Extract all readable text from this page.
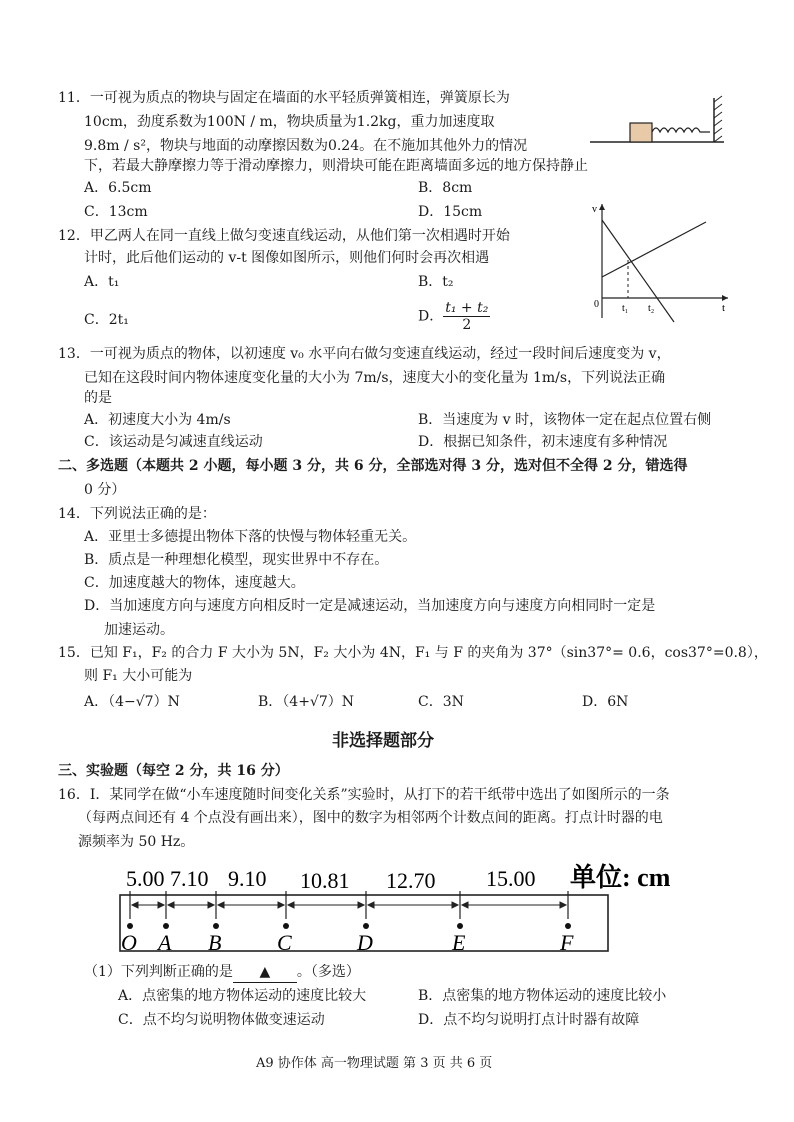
11．一可视为质点的物块与固定在墙面的水平轻质弹簧相连，弹簧原长为
10cm，劲度系数为100N / m，物块质量为1.2kg，重力加速度取
9.8m / s²，物块与地面的动摩擦因数为0.24。在不施加其他外力的情况
下，若最大静摩擦力等于滑动摩擦力，则滑块可能在距离墙面多远的地方保持静止
A．6.5cm	B．8cm
C．13cm	D．15cm
12．甲乙两人在同一直线上做匀变速直线运动，从他们第一次相遇时开始
计时，此后他们运动的 v-t 图像如图所示，则他们何时会再次相遇
A．t₁	B．t₂
C．2t₁	D． $\frac{\text{t₁ + t₂}}{2}$
v
t
0 t₁ t₂
13．一可视为质点的物体，以初速度 v₀ 水平向右做匀变速直线运动，经过一段时间后速度变为 v，
已知在这段时间内物体速度变化量的大小为 7m/s，速度大小的变化量为 1m/s，下列说法正确
的是
A．初速度大小为 4m/s	B．当速度为 v 时，该物体一定在起点位置右侧
C．该运动是匀减速直线运动	D．根据已知条件，初末速度有多种情况
二、多选题（本题共 2 小题，每小题 3 分，共 6 分，全部选对得 3 分，选对但不全得 2 分，错选得
0 分）
14．下列说法正确的是：
A．亚里士多德提出物体下落的快慢与物体轻重无关。
B．质点是一种理想化模型，现实世界中不存在。
C．加速度越大的物体，速度越大。
D．当加速度方向与速度方向相反时一定是减速运动，当加速度方向与速度方向相同时一定是
加速运动。
15．已知 F₁，F₂ 的合力 F 大小为 5N，F₂ 大小为 4N，F₁ 与 F 的夹角为 37°（sin37°= 0.6，cos37°=0.8），
则 F₁ 大小可能为
A．（4−√7）N	B．（4+√7）N	C．3N	D．6N
非选择题部分
三、实验题（每空 2 分，共 16 分）
16．I．某同学在做“小车速度随时间变化关系”实验时，从打下的若干纸带中选出了如图所示的一条
（每两点间还有 4 个点没有画出来），图中的数字为相邻两个计数点间的距离。打点计时器的电
源频率为 50 Hz。
5.00 7.10 9.10 10.81 12.70 15.00 单位: cm
O A B	C	D	E	F
（1）下列判断正确的是 ▲ 。（多选）
A．点密集的地方物体运动的速度比较大	B．点密集的地方物体运动的速度比较小
C．点不均匀说明物体做变速运动	D．点不均匀说明打点计时器有故障
A9 协作体 高一物理试题 第 3 页 共 6 页
